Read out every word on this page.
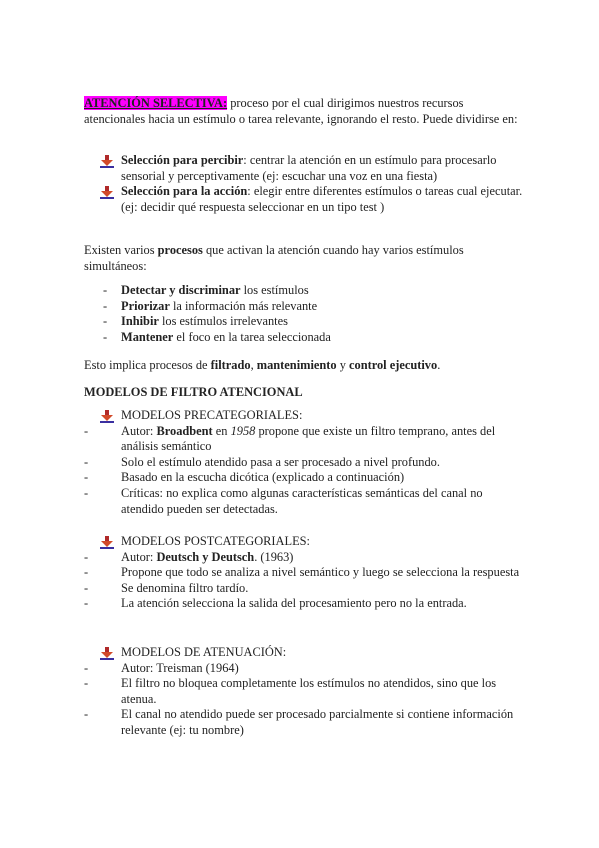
ATENCIÓN SELECTIVA: proceso por el cual dirigimos nuestros recursos atencionales hacia un estímulo o tarea relevante, ignorando el resto. Puede dividirse en:
Selección para percibir: centrar la atención en un estímulo para procesarlo sensorial y perceptivamente (ej: escuchar una voz en una fiesta)
Selección para la acción: elegir entre diferentes estímulos o tareas cual ejecutar. (ej: decidir qué respuesta seleccionar en un tipo test )
Existen varios procesos que activan la atención cuando hay varios estímulos simultáneos:
- Detectar y discriminar los estímulos
- Priorizar la información más relevante
- Inhibir los estímulos irrelevantes
- Mantener el foco en la tarea seleccionada
Esto implica procesos de filtrado, mantenimiento y control ejecutivo.
MODELOS DE FILTRO ATENCIONAL
MODELOS PRECATEGORIALES:
-	Autor: Broadbent en 1958 propone que existe un filtro temprano, antes del análisis semántico
-	Solo el estímulo atendido pasa a ser procesado a nivel profundo.
-	Basado en la escucha dicótica (explicado a continuación)
-	Críticas: no explica como algunas características semánticas del canal no atendido pueden ser detectadas.
MODELOS POSTCATEGORIALES:
-	Autor: Deutsch y Deutsch. (1963)
-	Propone que todo se analiza a nivel semántico y luego se selecciona la respuesta
-	Se denomina filtro tardío.
-	La atención selecciona la salida del procesamiento pero no la entrada.
MODELOS DE ATENUACIÓN:
-	Autor: Treisman (1964)
-	El filtro no bloquea completamente los estímulos no atendidos, sino que los atenua.
-	El canal no atendido puede ser procesado parcialmente si contiene información relevante (ej: tu nombre)
